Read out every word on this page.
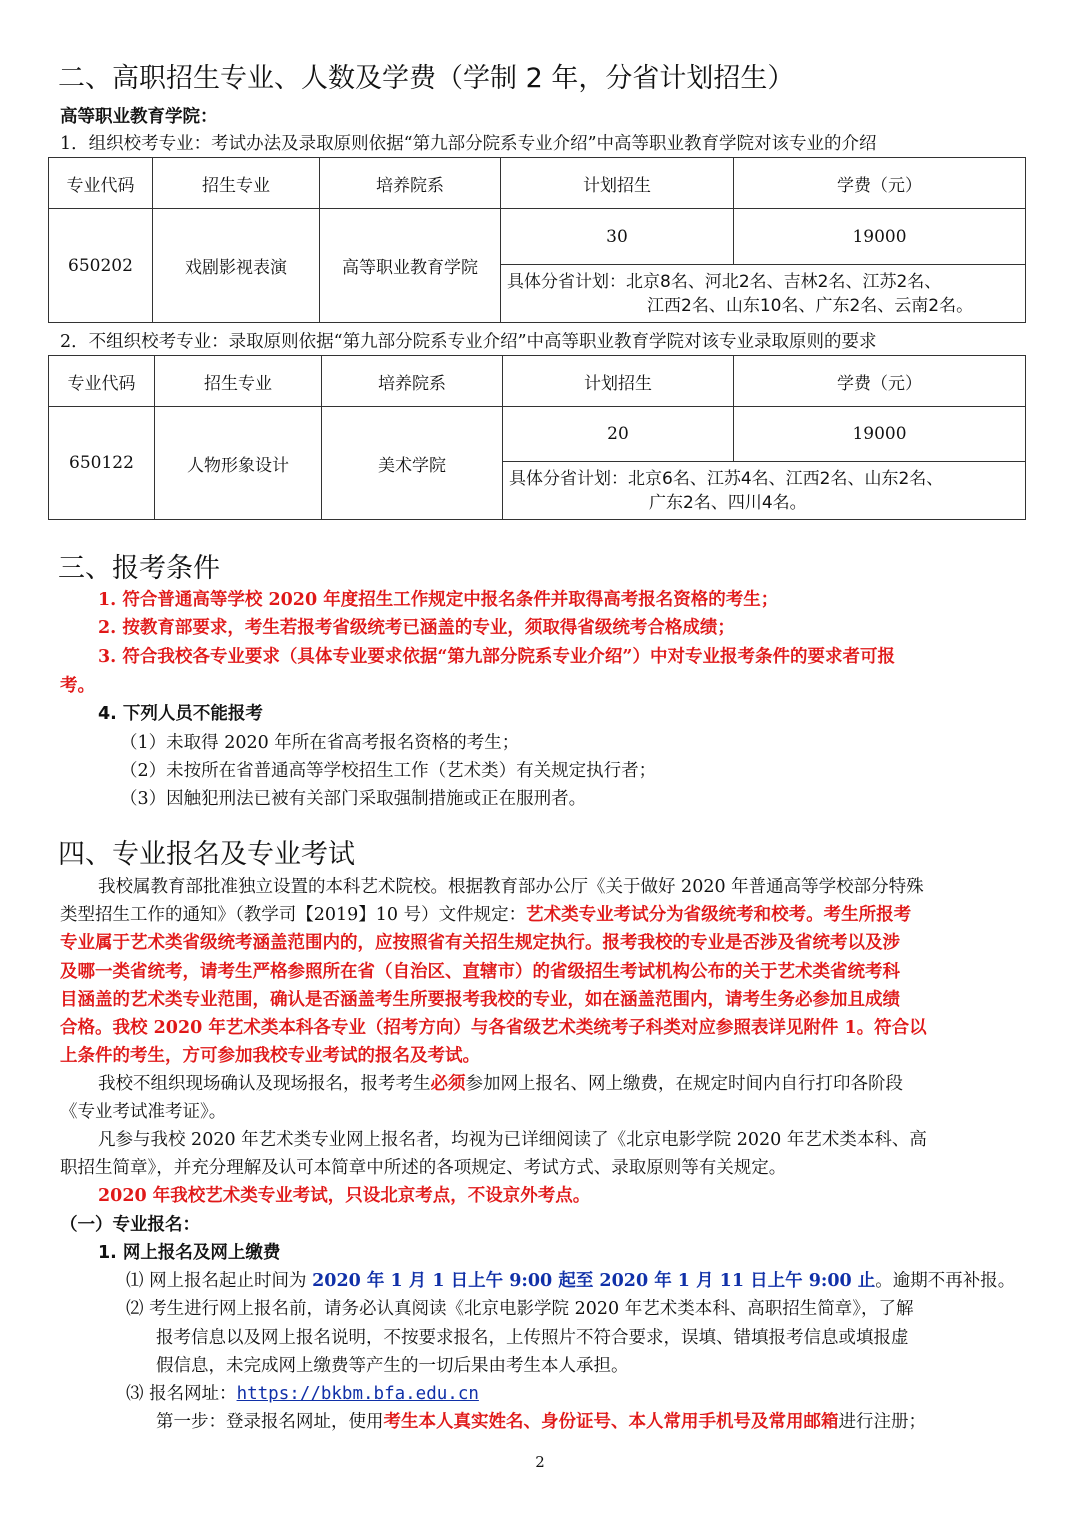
二、高职招生专业、人数及学费（学制 2 年，分省计划招生）
高等职业教育学院：
1．组织校考专业：考试办法及录取原则依据“第九部分院系专业介绍”中高等职业教育学院对该专业的介绍
专业代码	招生专业	培养院系	计划招生	学费（元）
650202	戏剧影视表演	高等职业教育学院	30	19000

			具体分省计划：北京8名、河北2名、吉林2名、江苏2名、
江西2名、山东10名、广东2名、云南2名。	
2．不组织校考专业：录取原则依据“第九部分院系专业介绍”中高等职业教育学院对该专业录取原则的要求
专业代码	招生专业	培养院系	计划招生	学费（元）
650122	人物形象设计	美术学院	20	19000

			具体分省计划：北京6名、江苏4名、江西2名、山东2名、
广东2名、四川4名。	
三、报考条件
1. 符合普通高等学校 2020 年度招生工作规定中报名条件并取得高考报名资格的考生；
2. 按教育部要求，考生若报考省级统考已涵盖的专业，须取得省级统考合格成绩；
3. 符合我校各专业要求（具体专业要求依据“第九部分院系专业介绍”）中对专业报考条件的要求者可报
考。
4. 下列人员不能报考
（1）未取得 2020 年所在省高考报名资格的考生；
（2）未按所在省普通高等学校招生工作（艺术类）有关规定执行者；
（3）因触犯刑法已被有关部门采取强制措施或正在服刑者。
四、专业报名及专业考试
我校属教育部批准独立设置的本科艺术院校。根据教育部办公厅《关于做好 2020 年普通高等学校部分特殊
类型招生工作的通知》（教学司【2019】10 号）文件规定：艺术类专业考试分为省级统考和校考。考生所报考
专业属于艺术类省级统考涵盖范围内的，应按照省有关招生规定执行。报考我校的专业是否涉及省统考以及涉
及哪一类省统考，请考生严格参照所在省（自治区、直辖市）的省级招生考试机构公布的关于艺术类省统考科
目涵盖的艺术类专业范围，确认是否涵盖考生所要报考我校的专业，如在涵盖范围内，请考生务必参加且成绩
合格。我校 2020 年艺术类本科各专业（招考方向）与各省级艺术类统考子科类对应参照表详见附件 1。符合以
上条件的考生，方可参加我校专业考试的报名及考试。
我校不组织现场确认及现场报名，报考考生必须参加网上报名、网上缴费，在规定时间内自行打印各阶段
《专业考试准考证》。
凡参与我校 2020 年艺术类专业网上报名者，均视为已详细阅读了《北京电影学院 2020 年艺术类本科、高
职招生简章》，并充分理解及认可本简章中所述的各项规定、考试方式、录取原则等有关规定。
2020 年我校艺术类专业考试，只设北京考点，不设京外考点。
（一）专业报名：
1. 网上报名及网上缴费
⑴ 网上报名起止时间为 2020 年 1 月 1 日上午 9:00 起至 2020 年 1 月 11 日上午 9:00 止。逾期不再补报。
⑵ 考生进行网上报名前，请务必认真阅读《北京电影学院 2020 年艺术类本科、高职招生简章》，了解
报考信息以及网上报名说明，不按要求报名，上传照片不符合要求，误填、错填报考信息或填报虚
假信息，未完成网上缴费等产生的一切后果由考生本人承担。
⑶ 报名网址：https://bkbm.bfa.edu.cn
第一步：登录报名网址，使用考生本人真实姓名、身份证号、本人常用手机号及常用邮箱进行注册；
2
